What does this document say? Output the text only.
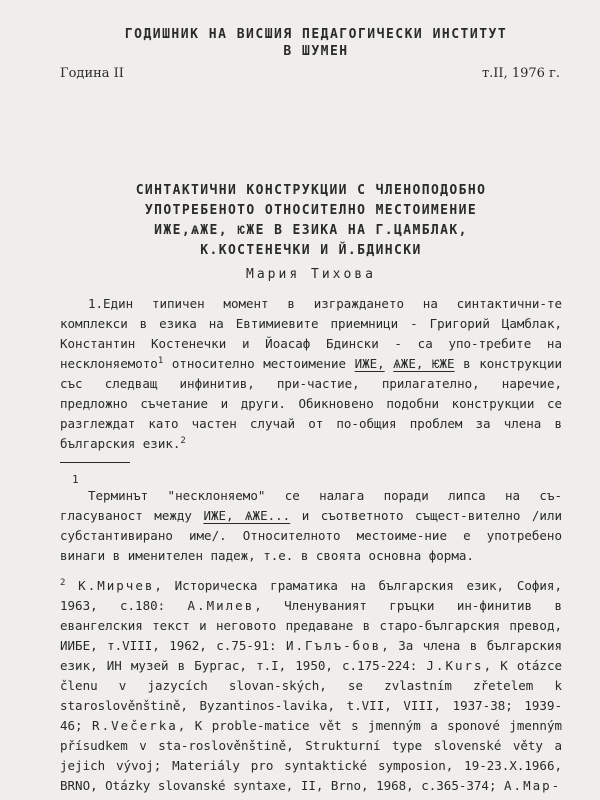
ГОДИШНИК НА ВИСШИЯ ПЕДАГОГИЧЕСКИ ИНСТИТУТ
В ШУМЕН
Година II	т.II, 1976 г.
СИНТАКТИЧНИ КОНСТРУКЦИИ С ЧЛЕНОПОДОБНО
УПОТРЕБЕНОТО ОТНОСИТЕЛНО МЕСТОИМЕНИЕ
ИЖЕ,ѦЖЕ, ѤЖЕ В ЕЗИКА НА Г.ЦАМБЛАК,
К.КОСТЕНЕЧКИ И Й.БДИНСКИ
Мария Тихова
1.Един типичен момент в изграждането на синтактични-те комплекси в езика на Евтимиевите приемници - Григорий Цамблак, Константин Костенечки и Йоасаф Бдински - са упо-требите на несклоняемото$^1$ относително местоимение ИЖЕ, ѦЖЕ, ѤЖЕ в конструкции със следващ инфинитив, при-частие, прилагателно, наречие, предложно съчетание и други. Обикновено подобни конструкции се разглеждат като частен случай от по-общия проблем за члена в българския език.$^2$
1
Терминът "несклоняемо" се налага поради липса на съ-гласуваност между ИЖЕ, ѦЖЕ... и съответното същест-вително /или субстантивирано име/. Относителното местоиме-ние е употребено винаги в именителен падеж, т.е. в своята основна форма.
$^2$ К.Мирчев, Историческа граматика на българския език, София, 1963, с.180: А.Милев, Членуваният гръцки ин-финитив в евангелския текст и неговото предаване в старо-българския превод, ИИБЕ, т.VIII, 1962, с.75-91: И.Гълъ-бов, За члена в българския език, ИН музей в Бургас, т.I, 1950, с.175-224: J.Kurs, K otázce členu v jazycích slovan-ských, se zvlastním zřetelem k staroslověnštině, Byzantinos-lavika, t.VII, VIII, 1937-38; 1939-46; R.Večerka, K proble-matice vět s jmenným a sponové jmenným přísudkem v sta-roslověnštině, Strukturní type slovenské věty a jejich vývoj; Materiály pro syntaktické symposion, 19-23.X.1966, BRNO, Otázky slovanské syntaxe, II, Brno, 1968, с.365-374; А.Мар-
